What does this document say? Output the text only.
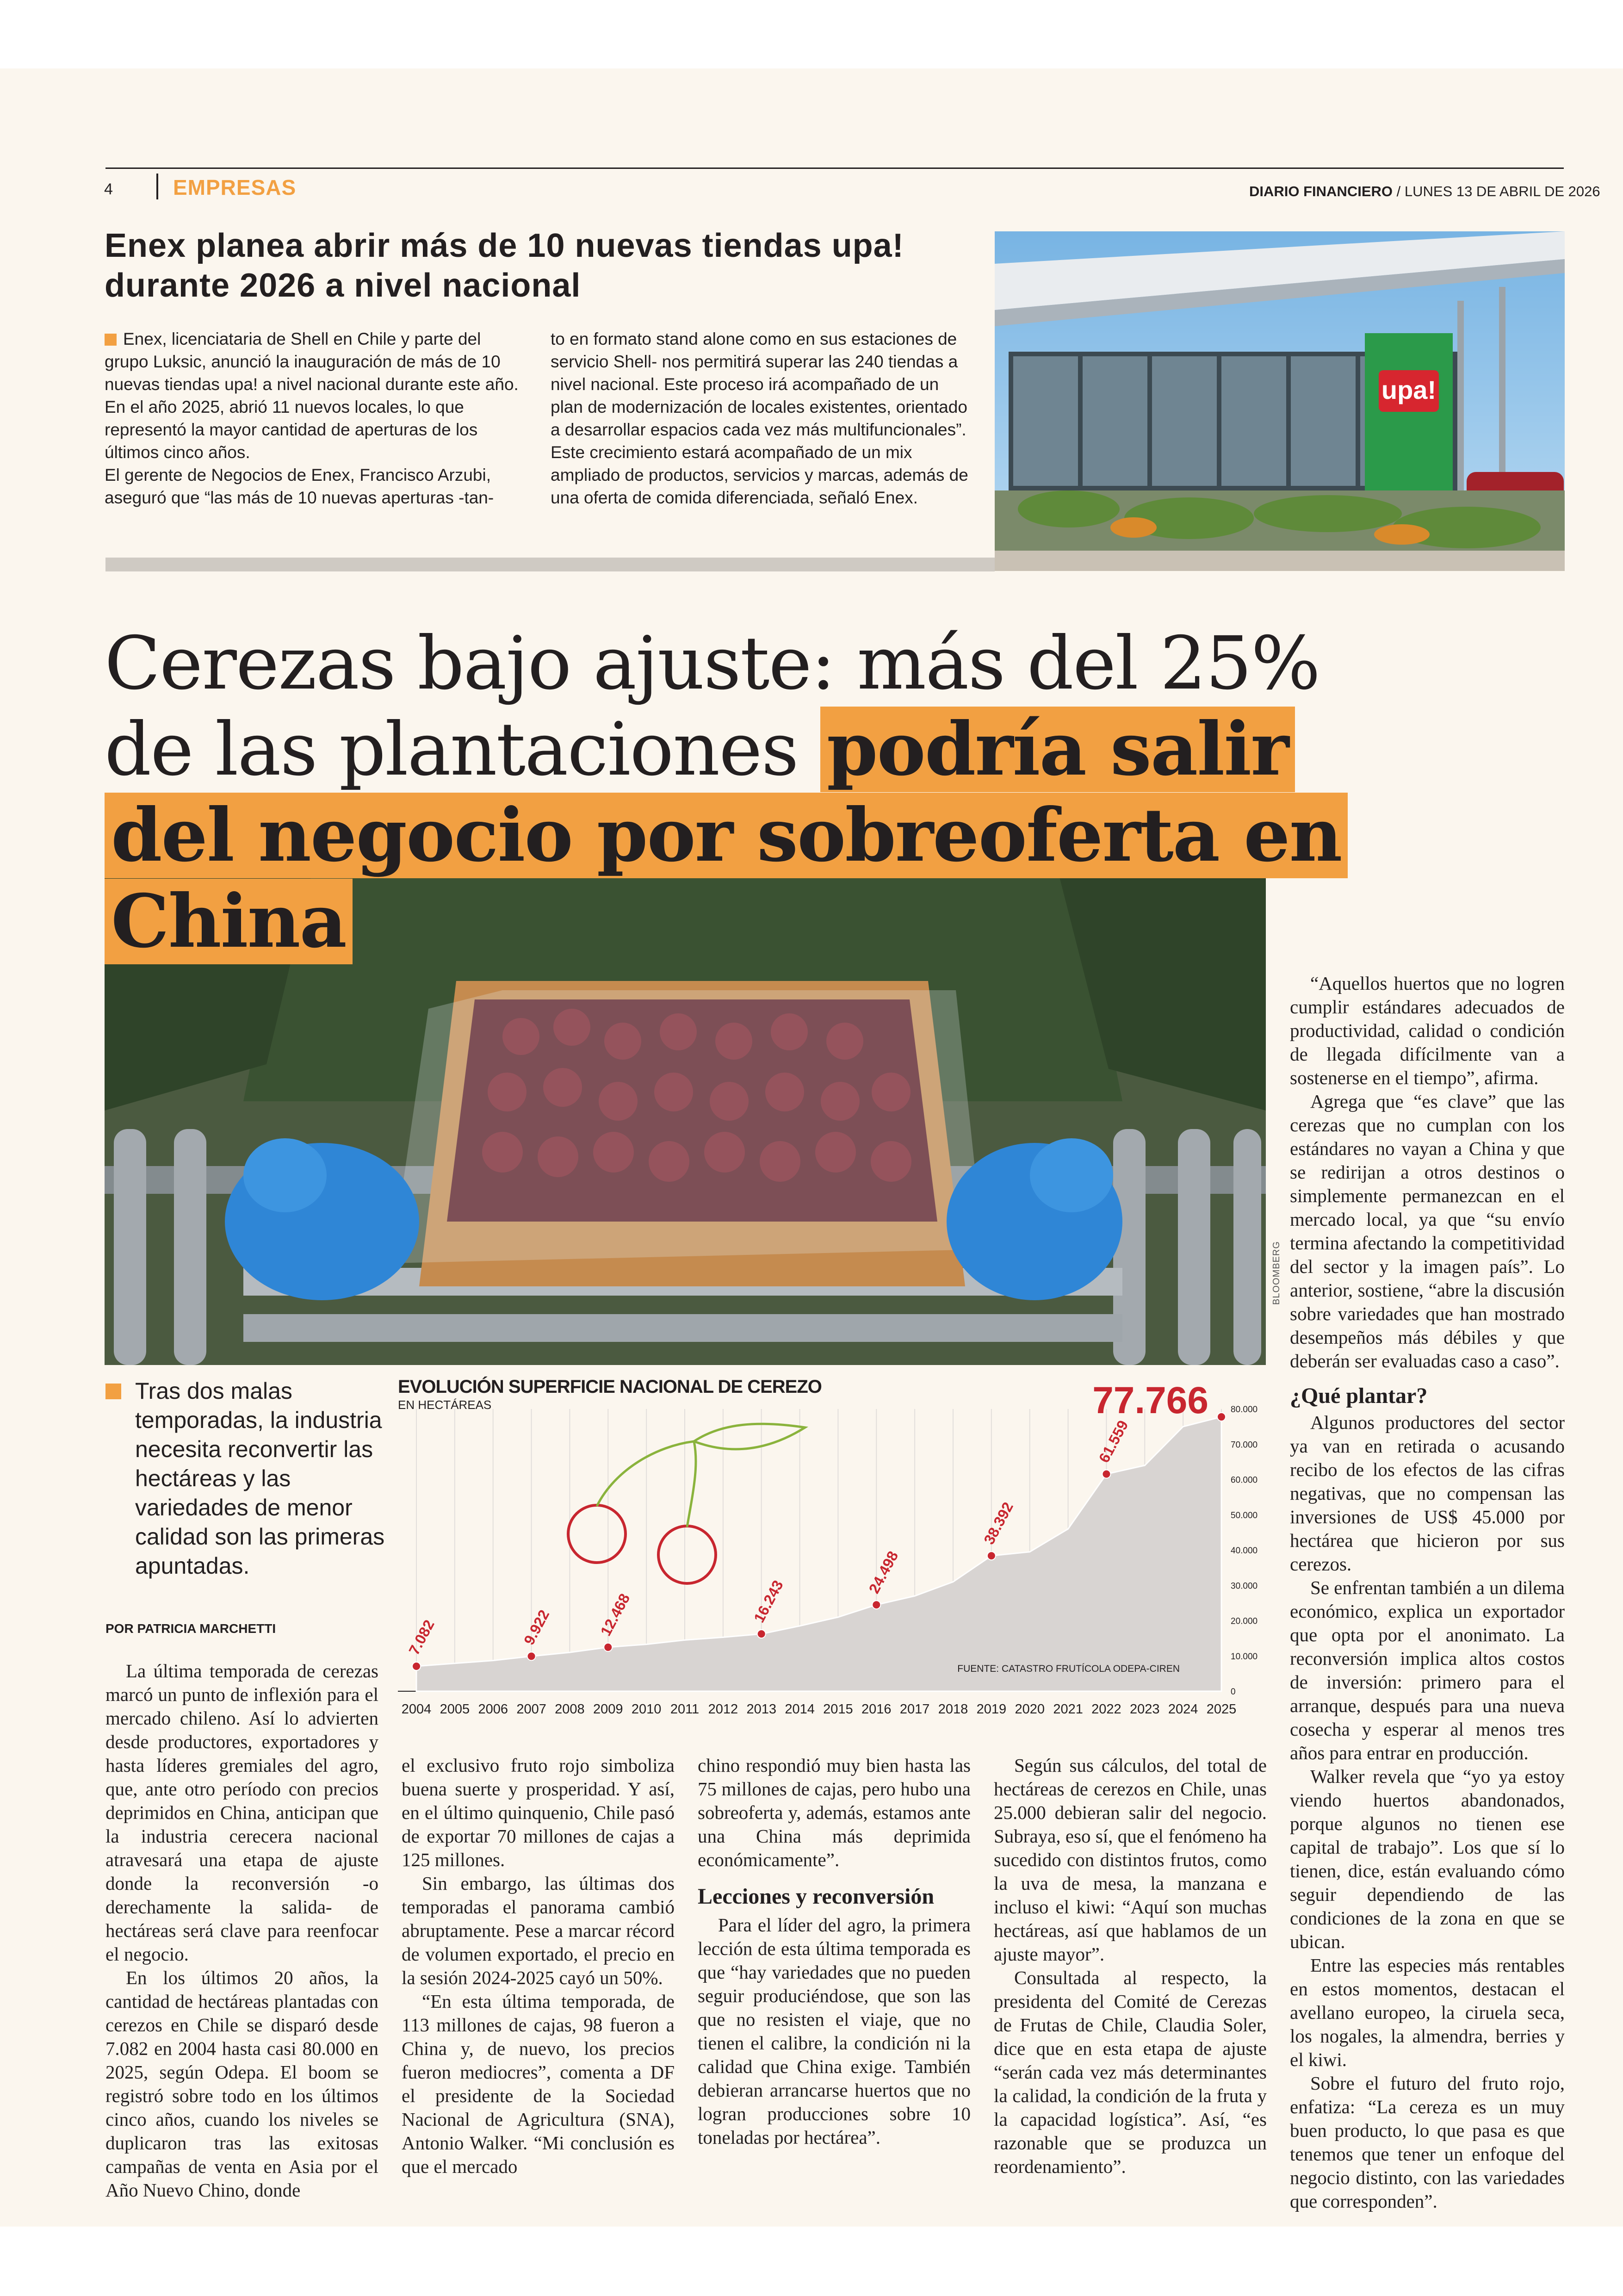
4	EMPRESAS	DIARIO FINANCIERO / LUNES 13 DE ABRIL DE 2026
Enex planea abrir más de 10 nuevas tiendas upa! durante 2026 a nivel nacional

Enex, licenciataria de Shell en Chile y parte del grupo Luksic, anunció la inauguración de más de 10 nuevas tiendas upa! a nivel nacional durante este año.

En el año 2025, abrió 11 nuevos locales, lo que representó la mayor cantidad de aperturas de los últimos cinco años.

El gerente de Negocios de Enex, Francisco Arzubi, aseguró que “las más de 10 nuevas aperturas -tan-

to en formato stand alone como en sus estaciones de servicio Shell- nos permitirá superar las 240 tiendas a nivel nacional. Este proceso irá acompañado de un plan de modernización de locales existentes, orientado a desarrollar espacios cada vez más multifuncionales”.

Este crecimiento estará acompañado de un mix ampliado de productos, servicios y marcas, además de una oferta de comida diferenciada, señaló Enex.

upa!
Cerezas bajo ajuste: más del 25% de las plantaciones podría salir del negocio por sobreoferta en China
BLOOMBERG
Tras dos malas temporadas, la industria necesita reconvertir las hectáreas y las variedades de menor calidad son las primeras apuntadas.
POR PATRICIA MARCHETTI
EVOLUCIÓN SUPERFICIE NACIONAL DE CEREZO
EN HECTÁREAS
2004 2005 2006 2007 2008 2009 2010 2011 2012 2013 2014 2015 2016 2017 2018 2019 2020 2021 2022 2023 2024 2025
0
10.000
20.000
30.000
40.000
50.000
60.000
70.000
80.000
7.082	9.922	12.468	16.243
24.498
38.392
61.559
77.766
FUENTE: CATASTRO FRUTÍCOLA ODEPA-CIREN

La última temporada de cerezas marcó un punto de inflexión para el mercado chileno. Así lo advierten desde productores, exportadores y hasta líderes gremiales del agro, que, ante otro período con precios deprimidos en China, anticipan que la industria cerecera nacional atravesará una etapa de ajuste donde la reconversión -o derechamente la salida- de hectáreas será clave para reenfocar el negocio.

En los últimos 20 años, la cantidad de hectáreas plantadas con cerezos en Chile se disparó desde 7.082 en 2004 hasta casi 80.000 en 2025, según Odepa. El boom se registró sobre todo en los últimos cinco años, cuando los niveles se duplicaron tras las exitosas campañas de venta en Asia por el Año Nuevo Chino, donde

el exclusivo fruto rojo simboliza buena suerte y prosperidad. Y así, en el último quinquenio, Chile pasó de exportar 70 millones de cajas a 125 millones.

Sin embargo, las últimas dos temporadas el panorama cambió abruptamente. Pese a marcar récord de volumen exportado, el precio en la sesión 2024-2025 cayó un 50%.

“En esta última temporada, de 113 millones de cajas, 98 fueron a China y, de nuevo, los precios fueron mediocres”, comenta a DF el presidente de la Sociedad Nacional de Agricultura (SNA), Antonio Walker. “Mi conclusión es que el mercado

chino respondió muy bien hasta las 75 millones de cajas, pero hubo una sobreoferta y, además, estamos ante una China más deprimida económicamente”.

Lecciones y reconversión

Para el líder del agro, la primera lección de esta última temporada es que “hay variedades que no pueden seguir produciéndose, que son las que no resisten el viaje, que no tienen el calibre, la condición ni la calidad que China exige. También debieran arrancarse huertos que no logran producciones sobre 10 toneladas por hectárea”.

Según sus cálculos, del total de hectáreas de cerezos en Chile, unas 25.000 debieran salir del negocio. Subraya, eso sí, que el fenómeno ha sucedido con distintos frutos, como la uva de mesa, la manzana e incluso el kiwi: “Aquí son muchas hectáreas, así que hablamos de un ajuste mayor”.

Consultada al respecto, la presidenta del Comité de Cerezas de Frutas de Chile, Claudia Soler, dice que en esta etapa de ajuste “serán cada vez más determinantes la calidad, la condición de la fruta y la capacidad logística”. Así, “es razonable que se produzca un reordenamiento”.

“Aquellos huertos que no logren cumplir estándares adecuados de productividad, calidad o condición de llegada difícilmente van a sostenerse en el tiempo”, afirma.

Agrega que “es clave” que las cerezas que no cumplan con los estándares no vayan a China y que se redirijan a otros destinos o simplemente permanezcan en el mercado local, ya que “su envío termina afectando la competitividad del sector y la imagen país”. Lo anterior, sostiene, “abre la discusión sobre variedades que han mostrado desempeños más débiles y que deberán ser evaluadas caso a caso”.

¿Qué plantar?

Algunos productores del sector ya van en retirada o acusando recibo de los efectos de las cifras negativas, que no compensan las inversiones de US$ 45.000 por hectárea que hicieron por sus cerezos.

Se enfrentan también a un dilema económico, explica un exportador que opta por el anonimato. La reconversión implica altos costos de inversión: primero para el arranque, después para una nueva cosecha y esperar al menos tres años para entrar en producción.

Walker revela que “yo ya estoy viendo huertos abandonados, porque algunos no tienen ese capital de trabajo”. Los que sí lo tienen, dice, están evaluando cómo seguir dependiendo de las condiciones de la zona en que se ubican.

Entre las especies más rentables en estos momentos, destacan el avellano europeo, la ciruela seca, los nogales, la almendra, berries y el kiwi.

Sobre el futuro del fruto rojo, enfatiza: “La cereza es un muy buen producto, lo que pasa es que tenemos que tener un enfoque del negocio distinto, con las variedades que corresponden”.
